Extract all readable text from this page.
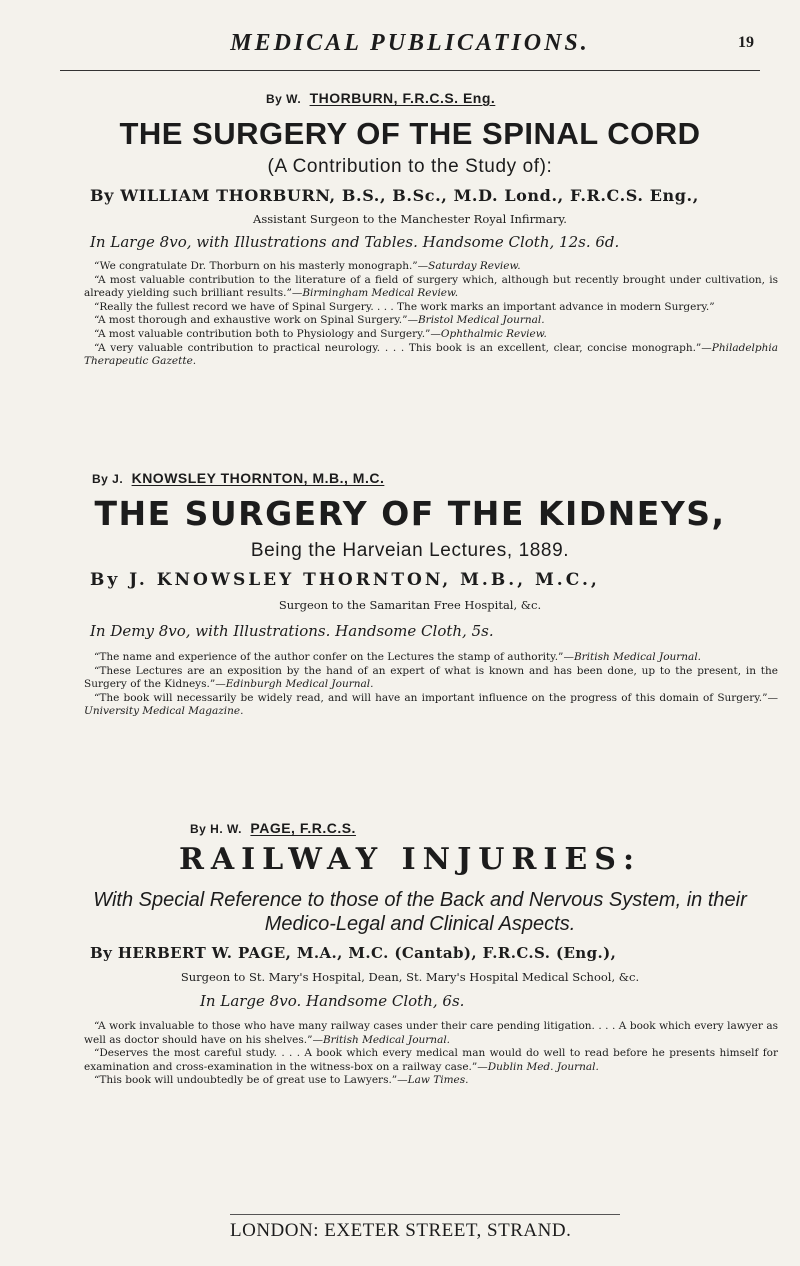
MEDICAL PUBLICATIONS.	19
By W. THORBURN, F.R.C.S. Eng.
THE SURGERY OF THE SPINAL CORD
(A Contribution to the Study of):
By WILLIAM THORBURN, B.S., B.Sc., M.D. Lond., F.R.C.S. Eng.,
Assistant Surgeon to the Manchester Royal Infirmary.
In Large 8vo, with Illustrations and Tables. Handsome Cloth, 12s. 6d.

“We congratulate Dr. Thorburn on his masterly monograph.”—Saturday Review.

“A most valuable contribution to the literature of a field of surgery which, although but recently brought under cultivation, is already yielding such brilliant results.”—Birmingham Medical Review.

“Really the fullest record we have of Spinal Surgery. . . . The work marks an important advance in modern Surgery.”

“A most thorough and exhaustive work on Spinal Surgery.”—Bristol Medical Journal.

“A most valuable contribution both to Physiology and Surgery.”—Ophthalmic Review.

“A very valuable contribution to practical neurology. . . . This book is an excellent, clear, concise monograph.”—Philadelphia Therapeutic Gazette.

By J. KNOWSLEY THORNTON, M.B., M.C.
THE SURGERY OF THE KIDNEYS,
Being the Harveian Lectures, 1889.
By J. KNOWSLEY THORNTON, M.B., M.C.,
Surgeon to the Samaritan Free Hospital, &c.
In Demy 8vo, with Illustrations. Handsome Cloth, 5s.

“The name and experience of the author confer on the Lectures the stamp of authority.”—British Medical Journal.

“These Lectures are an exposition by the hand of an expert of what is known and has been done, up to the present, in the Surgery of the Kidneys.”—Edinburgh Medical Journal.

“The book will necessarily be widely read, and will have an important influence on the progress of this domain of Surgery.”—University Medical Magazine.

By H. W. PAGE, F.R.C.S.
RAILWAY INJURIES:
With Special Reference to those of the Back and Nervous System, in their Medico-Legal and Clinical Aspects.
By HERBERT W. PAGE, M.A., M.C. (Cantab), F.R.C.S. (Eng.),
Surgeon to St. Mary's Hospital, Dean, St. Mary's Hospital Medical School, &c.
In Large 8vo. Handsome Cloth, 6s.

“A work invaluable to those who have many railway cases under their care pending litigation. . . . A book which every lawyer as well as doctor should have on his shelves.”—British Medical Journal.

“Deserves the most careful study. . . . A book which every medical man would do well to read before he presents himself for examination and cross-examination in the witness-box on a railway case.”—Dublin Med. Journal.

“This book will undoubtedly be of great use to Lawyers.”—Law Times.

LONDON: EXETER STREET, STRAND.
